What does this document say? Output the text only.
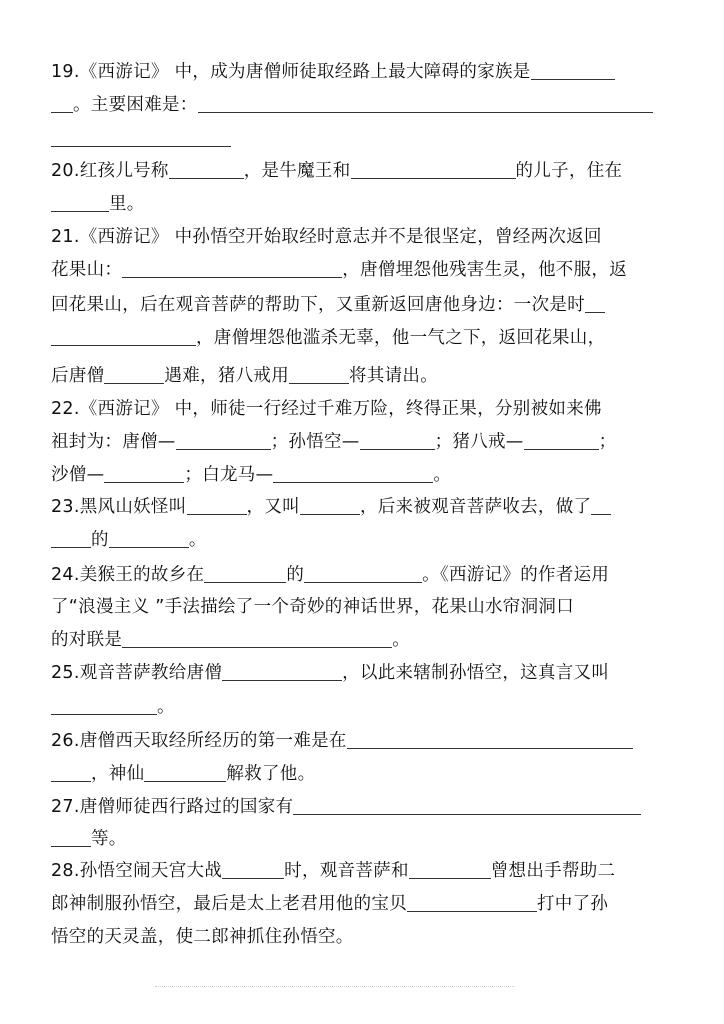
19.《西游记》 中，成为唐僧师徒取经路上最大障碍的家族是
。主要困难是：
20.红孩儿号称	，是牛魔王和	的儿子，住在
里。
21.《西游记》 中孙悟空开始取经时意志并不是很坚定，曾经两次返回
花果山：	，唐僧埋怨他残害生灵，他不服，返
回花果山，后在观音菩萨的帮助下，又重新返回唐他身边：一次是时
，唐僧埋怨他滥杀无辜，他一气之下，返回花果山，
后唐僧	遇难，猪八戒用	将其请出。
22.《西游记》 中，师徒一行经过千难万险，终得正果，分别被如来佛
祖封为：唐僧—	；孙悟空—	；猪八戒—	；
沙僧—	；白龙马—	。
23.黑风山妖怪叫	，又叫	，后来被观音菩萨收去，做了
的	。
24.美猴王的故乡在	的	。《西游记》的作者运用
了“浪漫主义 ”手法描绘了一个奇妙的神话世界，花果山水帘洞洞口
的对联是	。
25.观音菩萨教给唐僧	，以此来辖制孙悟空，这真言又叫
。
26.唐僧西天取经所经历的第一难是在
，神仙	解救了他。
27.唐僧师徒西行路过的国家有
等。
28.孙悟空闹天宫大战	时，观音菩萨和	曾想出手帮助二
郎神制服孙悟空，最后是太上老君用他的宝贝	打中了孙
悟空的天灵盖，使二郎神抓住孙悟空。
